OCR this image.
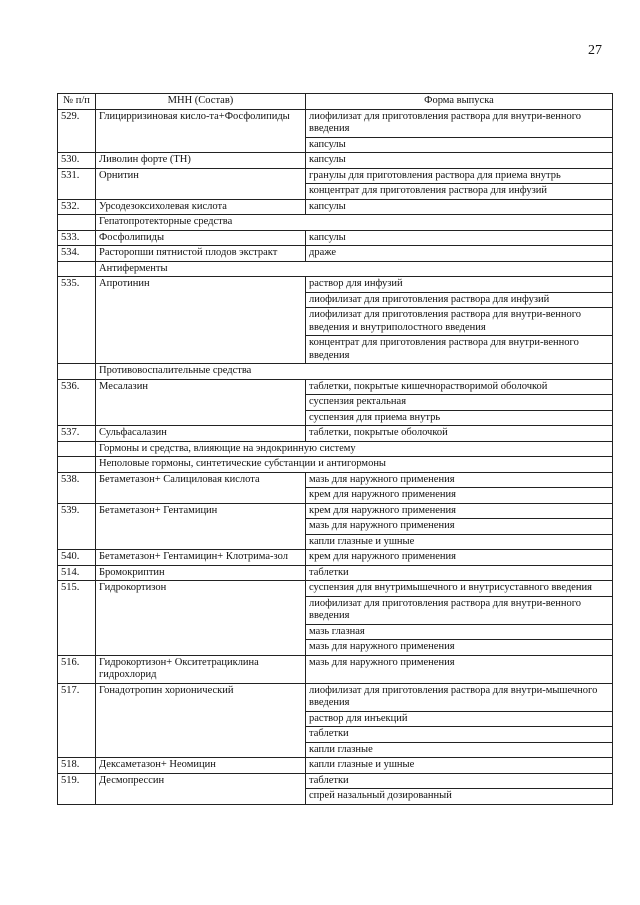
27
№ п/п	МНН (Состав)	Форма выпуска
529.	Глицирризиновая кисло-та+Фосфолипиды	лиофилизат для приготовления раствора для внутри-венного введения
капсулы

530.	Ливолин форте (TH)	капсулы

531.	Орнитин	гранулы для приготовления раствора для приема внутрь
концентрат для приготовления раствора для инфузий

532.	Урсодезоксихолевая кислота	капсулы

	Гепатопротекторные средства	
533.	Фосфолипиды	капсулы

534.	Расторопши пятнистой плодов экстракт	драже

	Антиферменты	
535.	Апротинин	раствор для инфузий
лиофилизат для приготовления раствора для инфузий
лиофилизат для приготовления раствора для внутри-венного введения и внутриполостного введения
концентрат для приготовления раствора для внутри-венного введения

	Противовоспалительные средства	
536.	Месалазин	таблетки, покрытые кишечнорастворимой оболочкой
суспензия ректальная
суспензия для приема внутрь

537.	Сульфасалазин	таблетки, покрытые оболочкой

	Гормоны и средства, влияющие на эндокринную систему	
	Неполовые гормоны, синтетические субстанции и антигормоны	
538.	Бетаметазон+ Салициловая кислота	мазь для наружного применения
крем для наружного применения

539.	Бетаметазон+ Гентамицин	крем для наружного применения
мазь для наружного применения
капли глазные и ушные

540.	Бетаметазон+ Гентамицин+ Клотрима-зол	крем для наружного применения

514.	Бромокриптин	таблетки

515.	Гидрокортизон	суспензия для внутримышечного и внутрисуставного введения
лиофилизат для приготовления раствора для внутри-венного введения
мазь глазная
мазь для наружного применения

516.	Гидрокортизон+ Окситетрациклина гидрохлорид	мазь для наружного применения

517.	Гонадотропин хорионический	лиофилизат для приготовления раствора для внутри-мышечного введения
раствор для инъекций
таблетки
капли глазные

518.	Дексаметазон+ Неомицин	капли глазные и ушные

519.	Десмопрессин	таблетки
спрей назальный дозированный
